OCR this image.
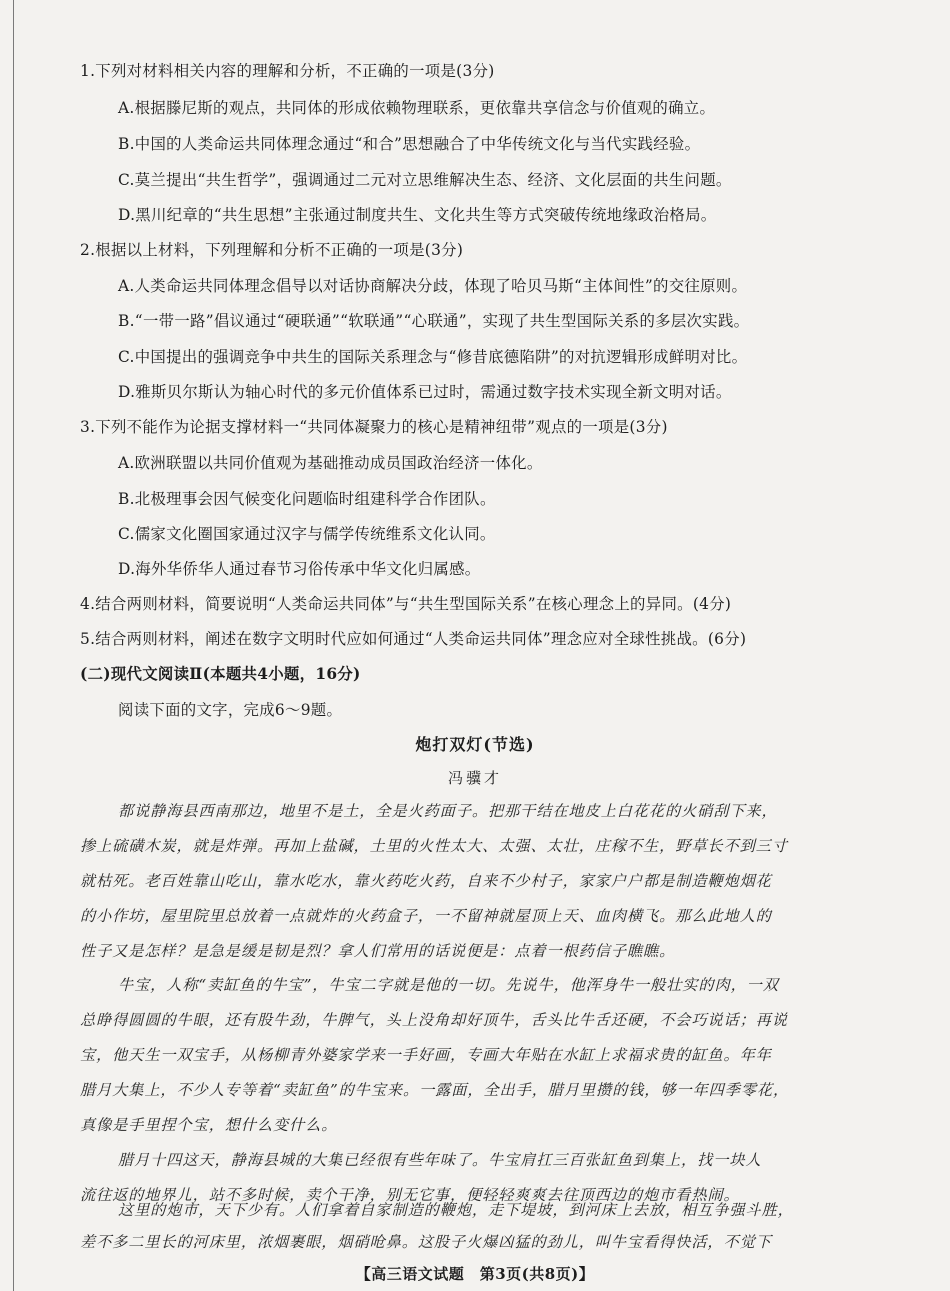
1.下列对材料相关内容的理解和分析，不正确的一项是(3分)
A.根据滕尼斯的观点，共同体的形成依赖物理联系，更依靠共享信念与价值观的确立。
B.中国的人类命运共同体理念通过“和合”思想融合了中华传统文化与当代实践经验。
C.莫兰提出“共生哲学”，强调通过二元对立思维解决生态、经济、文化层面的共生问题。
D.黑川纪章的“共生思想”主张通过制度共生、文化共生等方式突破传统地缘政治格局。
2.根据以上材料，下列理解和分析不正确的一项是(3分)
A.人类命运共同体理念倡导以对话协商解决分歧，体现了哈贝马斯“主体间性”的交往原则。
B.“一带一路”倡议通过“硬联通”“软联通”“心联通”，实现了共生型国际关系的多层次实践。
C.中国提出的强调竞争中共生的国际关系理念与“修昔底德陷阱”的对抗逻辑形成鲜明对比。
D.雅斯贝尔斯认为轴心时代的多元价值体系已过时，需通过数字技术实现全新文明对话。
3.下列不能作为论据支撑材料一“共同体凝聚力的核心是精神纽带”观点的一项是(3分)
A.欧洲联盟以共同价值观为基础推动成员国政治经济一体化。
B.北极理事会因气候变化问题临时组建科学合作团队。
C.儒家文化圈国家通过汉字与儒学传统维系文化认同。
D.海外华侨华人通过春节习俗传承中华文化归属感。
4.结合两则材料，简要说明“人类命运共同体”与“共生型国际关系”在核心理念上的异同。(4分)
5.结合两则材料，阐述在数字文明时代应如何通过“人类命运共同体”理念应对全球性挑战。(6分)
(二)现代文阅读Ⅱ(本题共4小题，16分)
阅读下面的文字，完成6～9题。
炮打双灯(节选)
冯骥才
都说静海县西南那边，地里不是土，全是火药面子。把那干结在地皮上白花花的火硝刮下来，
掺上硫磺木炭，就是炸弹。再加上盐碱，土里的火性太大、太强、太壮，庄稼不生，野草长不到三寸
就枯死。老百姓靠山吃山，靠水吃水，靠火药吃火药，自来不少村子，家家户户都是制造鞭炮烟花
的小作坊，屋里院里总放着一点就炸的火药盒子，一不留神就屋顶上天、血肉横飞。那么此地人的
性子又是怎样？是急是缓是韧是烈？拿人们常用的话说便是：点着一根药信子瞧瞧。
牛宝，人称“卖缸鱼的牛宝”，牛宝二字就是他的一切。先说牛，他浑身牛一般壮实的肉，一双
总睁得圆圆的牛眼，还有股牛劲，牛脾气，头上没角却好顶牛，舌头比牛舌还硬，不会巧说话；再说
宝，他天生一双宝手，从杨柳青外婆家学来一手好画，专画大年贴在水缸上求福求贵的缸鱼。年年
腊月大集上，不少人专等着“卖缸鱼”的牛宝来。一露面，全出手，腊月里攒的钱，够一年四季零花，
真像是手里捏个宝，想什么变什么。
腊月十四这天，静海县城的大集已经很有些年味了。牛宝肩扛三百张缸鱼到集上，找一块人
流往返的地界儿，站不多时候，卖个干净，别无它事，便轻轻爽爽去往顶西边的炮市看热闹。
这里的炮市，天下少有。人们拿着自家制造的鞭炮，走下堤坡，到河床上去放，相互争强斗胜，
差不多二里长的河床里，浓烟裹眼，烟硝呛鼻。这股子火爆凶猛的劲儿，叫牛宝看得快活，不觉下
【高三语文试题　第3页(共8页)】
